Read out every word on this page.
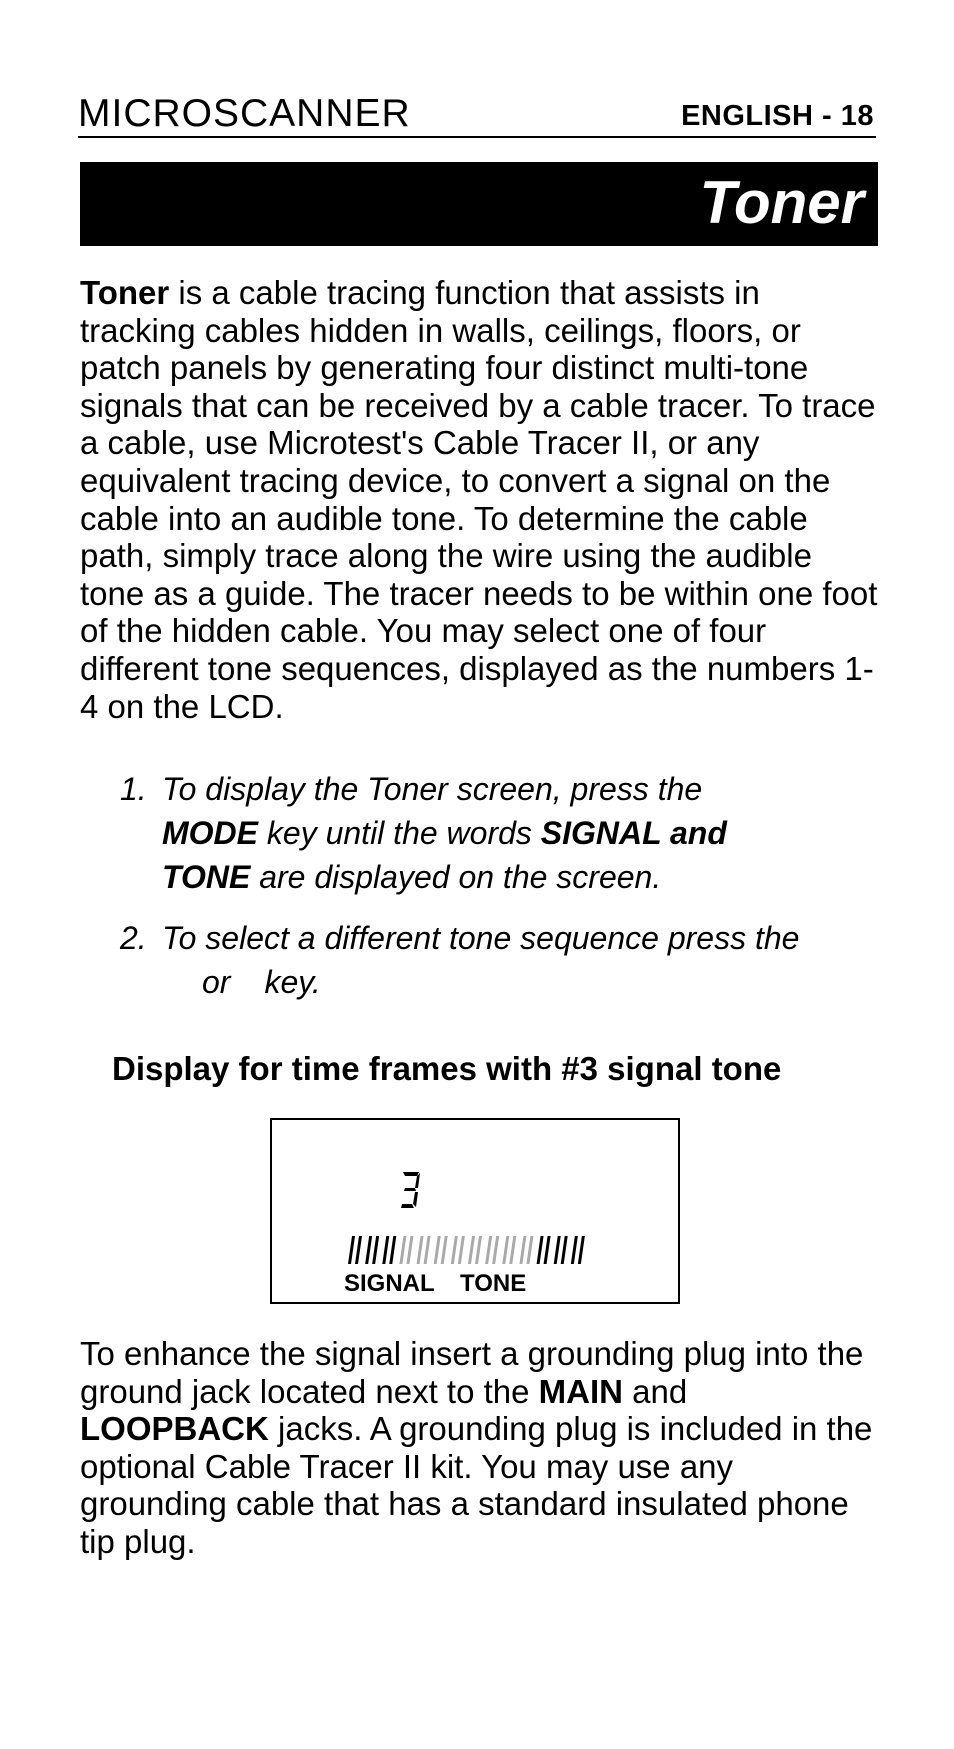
MICROSCANNER	ENGLISH - 18
Toner
Toner is a cable tracing function that assists in tracking cables hidden in walls, ceilings, floors, or patch panels by generating four distinct multi-tone signals that can be received by a cable tracer. To trace a cable, use Microtest's Cable Tracer II, or any equivalent tracing device, to convert a signal on the cable into an audible tone. To determine the cable path, simply trace along the wire using the audible tone as a guide. The tracer needs to be within one foot of the hidden cable. You may select one of four different tone sequences, displayed as the numbers 1-4 on the LCD.
1. To display the Toner screen, press the
MODE key until the words SIGNAL and
TONE are displayed on the screen.
2. To select a different tone sequence press the
or key.
Display for time frames with #3 signal tone
SIGNAL TONE
To enhance the signal insert a grounding plug into the ground jack located next to the MAIN and LOOPBACK jacks. A grounding plug is included in the optional Cable Tracer II kit. You may use any grounding cable that has a standard insulated phone tip plug.
